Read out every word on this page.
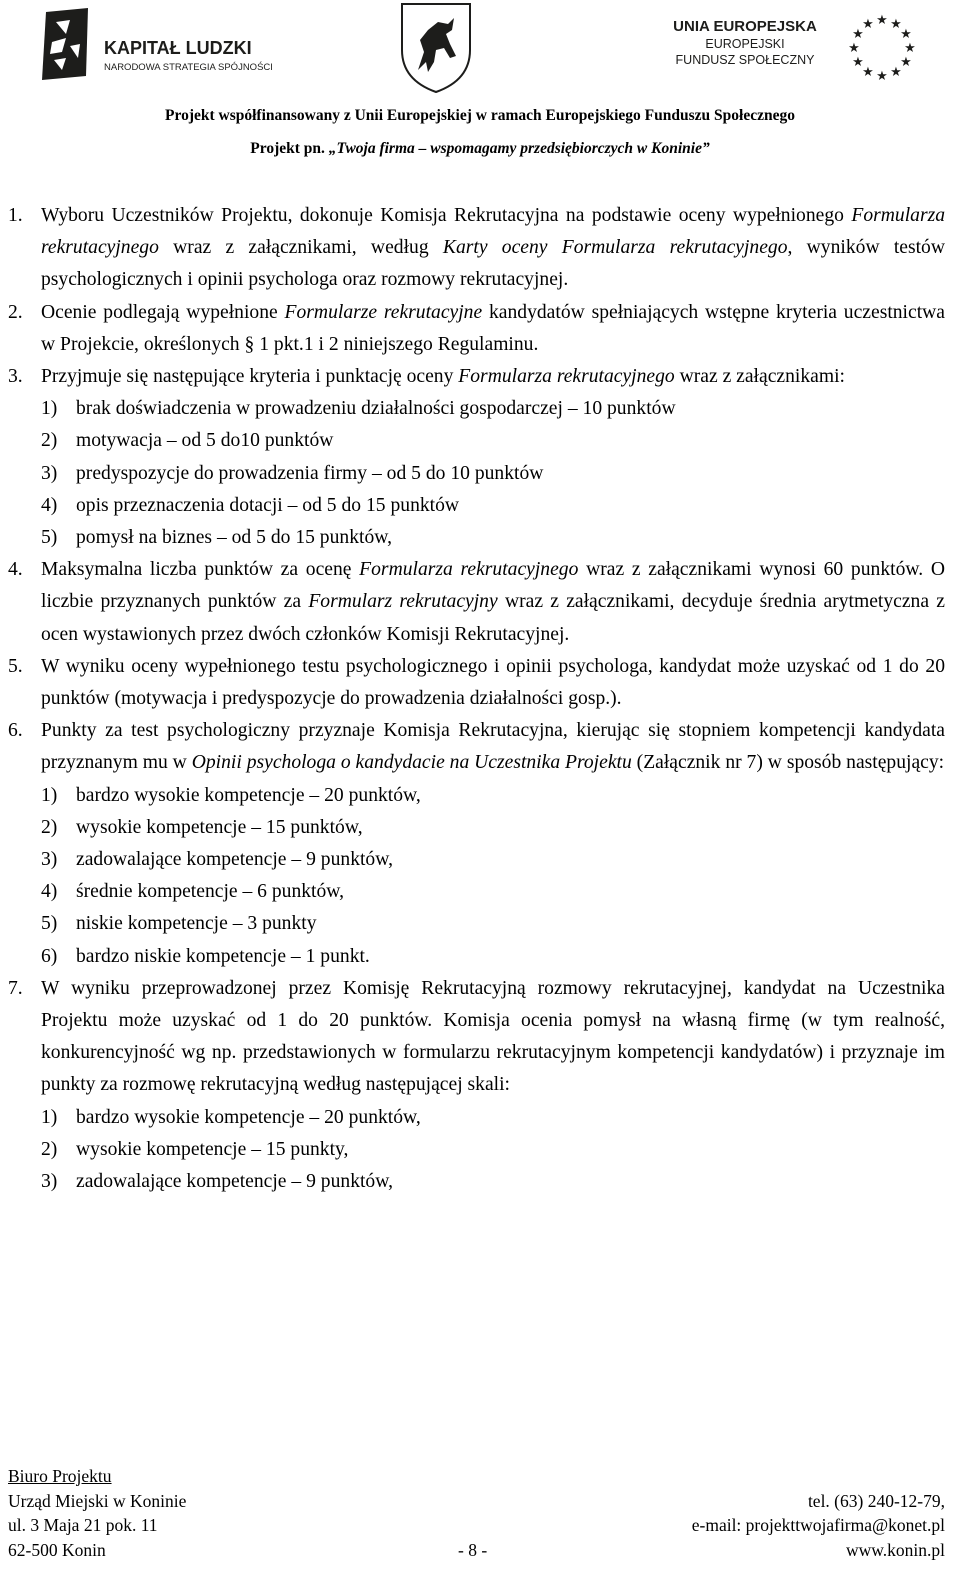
KAPITAŁ LUDZKI
NARODOWA STRATEGIA SPÓJNOŚCI
UNIA EUROPEJSKA
EUROPEJSKI
FUNDUSZ SPOŁECZNY
★ ★
★
★
★
★
★
★
★
★
★
★
Projekt współfinansowany z Unii Europejskiej w ramach Europejskiego Funduszu Społecznego
Projekt pn. „Twoja firma – wspomagamy przedsiębiorczych w Koninie”
1. Wyboru Uczestników Projektu, dokonuje Komisja Rekrutacyjna na podstawie oceny wypełnionego Formularza rekrutacyjnego wraz z załącznikami, według Karty oceny Formularza rekrutacyjnego, wyników testów psychologicznych i opinii psychologa oraz rozmowy rekrutacyjnej.
2. Ocenie podlegają wypełnione Formularze rekrutacyjne kandydatów spełniających wstępne kryteria uczestnictwa w Projekcie, określonych § 1 pkt.1 i 2 niniejszego Regulaminu.
3. Przyjmuje się następujące kryteria i punktację oceny Formularza rekrutacyjnego wraz z załącznikami:
1) brak doświadczenia w prowadzeniu działalności gospodarczej – 10 punktów
2) motywacja – od 5 do10 punktów
3) predyspozycje do prowadzenia firmy – od 5 do 10 punktów
4) opis przeznaczenia dotacji – od 5 do 15 punktów
5) pomysł na biznes – od 5 do 15 punktów,
4. Maksymalna liczba punktów za ocenę Formularza rekrutacyjnego wraz z załącznikami wynosi 60 punktów. O liczbie przyznanych punktów za Formularz rekrutacyjny wraz z załącznikami, decyduje średnia arytmetyczna z ocen wystawionych przez dwóch członków Komisji Rekrutacyjnej.
5. W wyniku oceny wypełnionego testu psychologicznego i opinii psychologa, kandydat może uzyskać od 1 do 20 punktów (motywacja i predyspozycje do prowadzenia działalności gosp.).
6. Punkty za test psychologiczny przyznaje Komisja Rekrutacyjna, kierując się stopniem kompetencji kandydata przyznanym mu w Opinii psychologa o kandydacie na Uczestnika Projektu (Załącznik nr 7) w sposób następujący:
1) bardzo wysokie kompetencje – 20 punktów,
2) wysokie kompetencje – 15 punktów,
3) zadowalające kompetencje – 9 punktów,
4) średnie kompetencje – 6 punktów,
5) niskie kompetencje – 3 punkty
6) bardzo niskie kompetencje – 1 punkt.
7. W wyniku przeprowadzonej przez Komisję Rekrutacyjną rozmowy rekrutacyjnej, kandydat na Uczestnika Projektu może uzyskać od 1 do 20 punktów. Komisja ocenia pomysł na własną firmę (w tym realność, konkurencyjność wg np. przedstawionych w formularzu rekrutacyjnym kompetencji kandydatów) i przyznaje im punkty za rozmowę rekrutacyjną według następującej skali:
1) bardzo wysokie kompetencje – 20 punktów,
2) wysokie kompetencje – 15 punkty,
3) zadowalające kompetencje – 9 punktów,
Biuro Projektu
Urząd Miejski w Koninie	tel. (63) 240-12-79,
ul. 3 Maja 21 pok. 11	e-mail: projekttwojafirma@konet.pl
62-500 Konin	- 8 -	www.konin.pl
